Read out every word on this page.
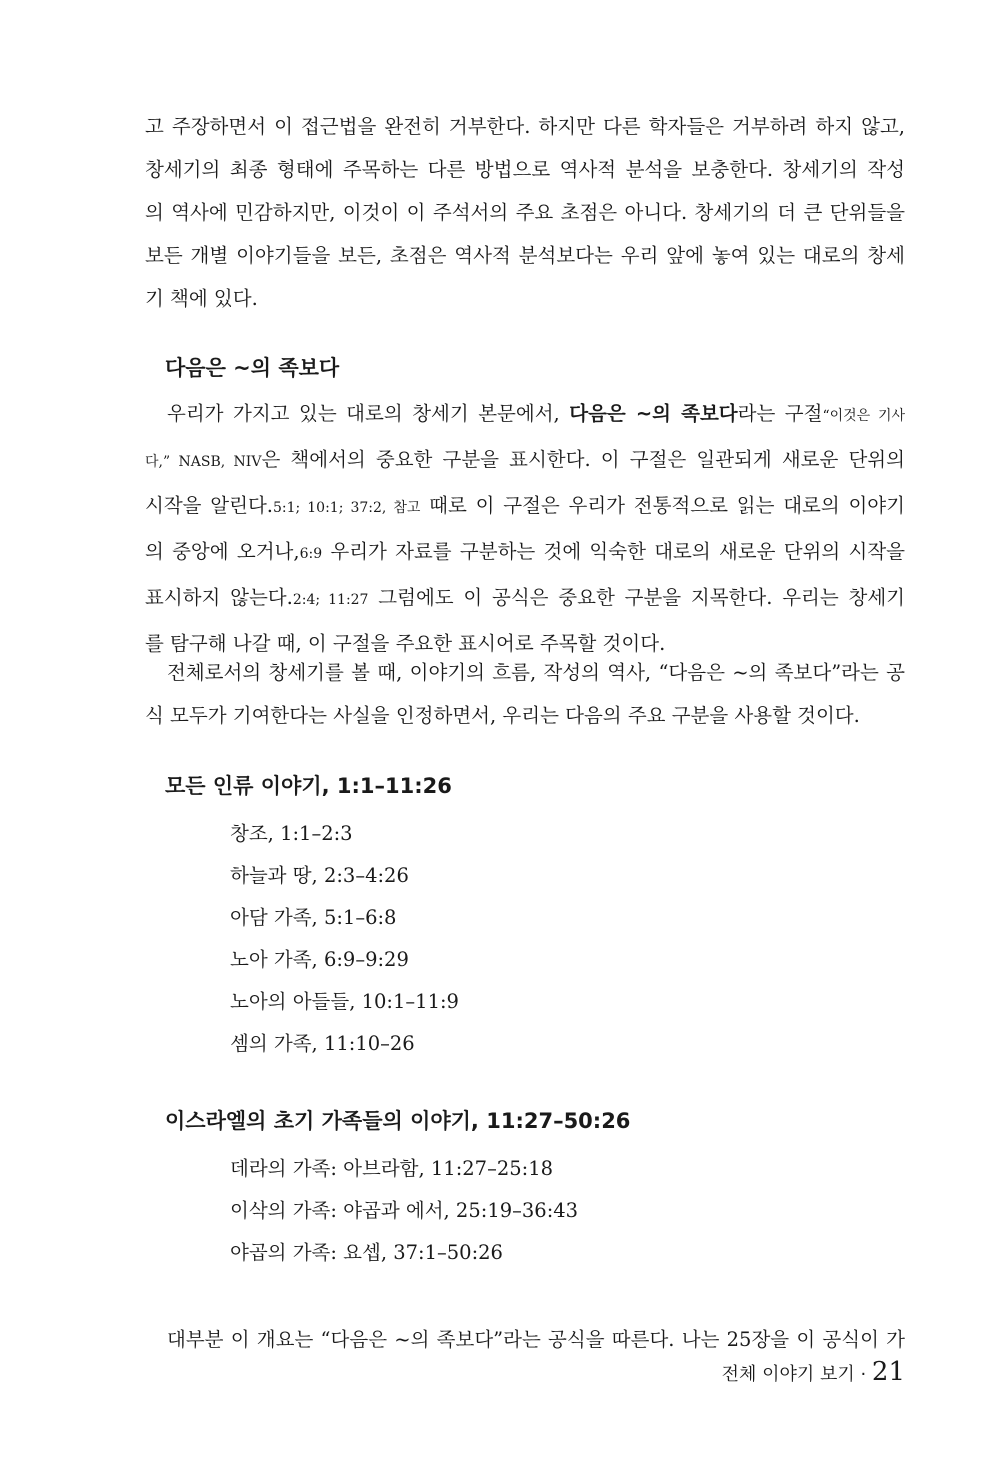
고 주장하면서 이 접근법을 완전히 거부한다. 하지만 다른 학자들은 거부하려 하지 않고,
창세기의 최종 형태에 주목하는 다른 방법으로 역사적 분석을 보충한다. 창세기의 작성
의 역사에 민감하지만, 이것이 이 주석서의 주요 초점은 아니다. 창세기의 더 큰 단위들을
보든 개별 이야기들을 보든, 초점은 역사적 분석보다는 우리 앞에 놓여 있는 대로의 창세
기 책에 있다.
다음은 ~의 족보다
우리가 가지고 있는 대로의 창세기 본문에서, 다음은 ~의 족보다라는 구절“이것은 기사
다,” NASB, NIV은 책에서의 중요한 구분을 표시한다. 이 구절은 일관되게 새로운 단위의
시작을 알린다.5:1; 10:1; 37:2, 참고 때로 이 구절은 우리가 전통적으로 읽는 대로의 이야기
의 중앙에 오거나,6:9 우리가 자료를 구분하는 것에 익숙한 대로의 새로운 단위의 시작을
표시하지 않는다.2:4; 11:27 그럼에도 이 공식은 중요한 구분을 지목한다. 우리는 창세기
를 탐구해 나갈 때, 이 구절을 주요한 표시어로 주목할 것이다.
전체로서의 창세기를 볼 때, 이야기의 흐름, 작성의 역사, “다음은 ~의 족보다”라는 공
식 모두가 기여한다는 사실을 인정하면서, 우리는 다음의 주요 구분을 사용할 것이다.
모든 인류 이야기, 1:1–11:26
창조, 1:1–2:3
하늘과 땅, 2:3–4:26
아담 가족, 5:1–6:8
노아 가족, 6:9–9:29
노아의 아들들, 10:1–11:9
셈의 가족, 11:10–26
이스라엘의 초기 가족들의 이야기, 11:27–50:26
데라의 가족: 아브라함, 11:27–25:18
이삭의 가족: 야곱과 에서, 25:19–36:43
야곱의 가족: 요셉, 37:1–50:26
대부분 이 개요는 “다음은 ~의 족보다”라는 공식을 따른다. 나는 25장을 이 공식이 가
전체 이야기 보기 · 21
